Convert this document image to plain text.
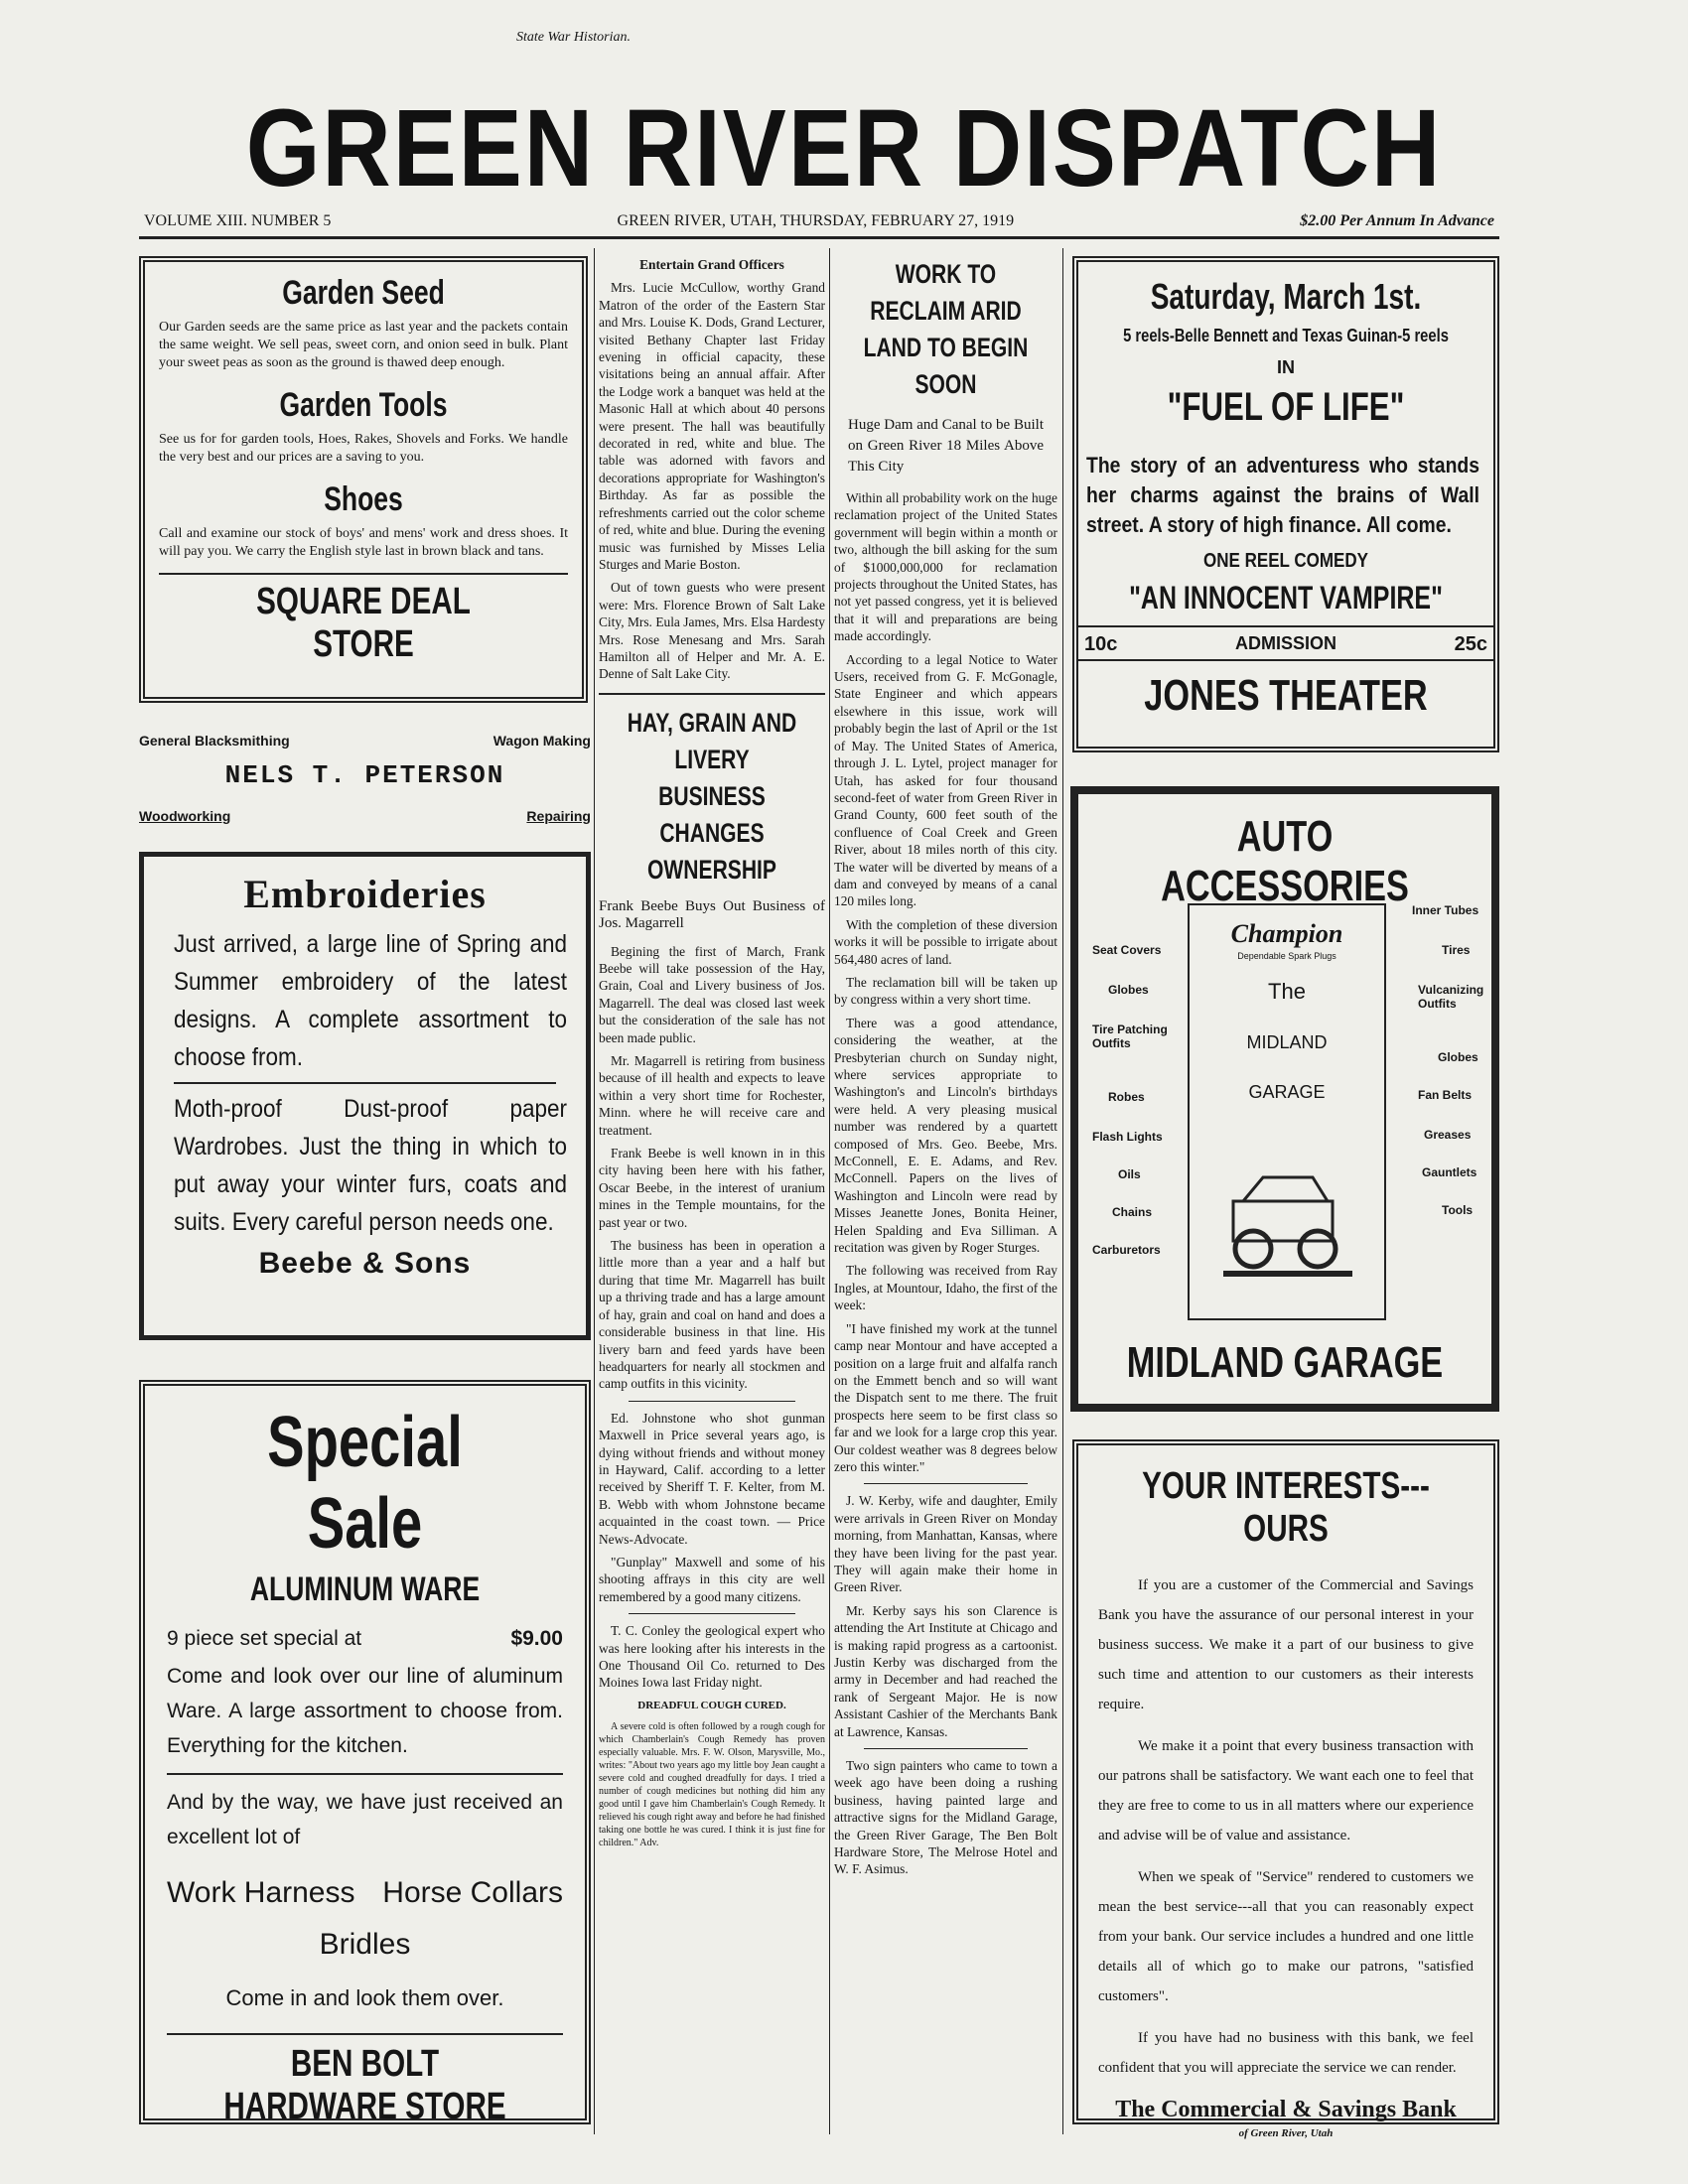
State War Historian.
GREEN RIVER DISPATCH
VOLUME XIII. NUMBER 5	GREEN RIVER, UTAH, THURSDAY, FEBRUARY 27, 1919	$2.00 Per Annum In Advance
Garden Seed

Our Garden seeds are the same price as last year and the packets contain the same weight. We sell peas, sweet corn, and onion seed in bulk. Plant your sweet peas as soon as the ground is thawed deep enough.

Garden Tools

See us for for garden tools, Hoes, Rakes, Shovels and Forks. We handle the very best and our prices are a saving to you.

Shoes

Call and examine our stock of boys' and mens' work and dress shoes. It will pay you. We carry the English style last in brown black and tans.

SQUARE DEAL STORE
General Blacksmithing	Wagon Making
NELS T. PETERSON
Woodworking	Repairing
Embroideries

Just arrived, a large line of Spring and Summer embroidery of the latest designs. A complete assortment to choose from.

Moth-proof Dust-proof paper Wardrobes. Just the thing in which to put away your winter furs, coats and suits. Every careful person needs one.

Beebe & Sons
Special Sale
ALUMINUM WARE
9 piece set special at	$9.00

Come and look over our line of aluminum Ware. A large assortment to choose from. Everything for the kitchen.

And by the way, we have just received an excellent lot of

Work Harness Horse Collars
Bridles
Come in and look them over.
BEN BOLT HARDWARE STORE

Entertain Grand Officers

Mrs. Lucie McCullow, worthy Grand Matron of the order of the Eastern Star and Mrs. Louise K. Dods, Grand Lecturer, visited Bethany Chapter last Friday evening in official capacity, these visitations being an annual affair. After the Lodge work a banquet was held at the Masonic Hall at which about 40 persons were present. The hall was beautifully decorated in red, white and blue. The table was adorned with favors and decorations appropriate for Washington's Birthday. As far as possible the refreshments carried out the color scheme of red, white and blue. During the evening music was furnished by Misses Lelia Sturges and Marie Boston.

Out of town guests who were present were: Mrs. Florence Brown of Salt Lake City, Mrs. Eula James, Mrs. Elsa Hardesty Mrs. Rose Menesang and Mrs. Sarah Hamilton all of Helper and Mr. A. E. Denne of Salt Lake City.

HAY, GRAIN AND LIVERY BUSINESS CHANGES OWNERSHIP

Frank Beebe Buys Out Business of Jos. Magarrell

Begining the first of March, Frank Beebe will take possession of the Hay, Grain, Coal and Livery business of Jos. Magarrell. The deal was closed last week but the consideration of the sale has not been made public.

Mr. Magarrell is retiring from business because of ill health and expects to leave within a very short time for Rochester, Minn. where he will receive care and treatment.

Frank Beebe is well known in in this city having been here with his father, Oscar Beebe, in the interest of uranium mines in the Temple mountains, for the past year or two.

The business has been in operation a little more than a year and a half but during that time Mr. Magarrell has built up a thriving trade and has a large amount of hay, grain and coal on hand and does a considerable business in that line. His livery barn and feed yards have been headquarters for nearly all stockmen and camp outfits in this vicinity.

Ed. Johnstone who shot gunman Maxwell in Price several years ago, is dying without friends and without money in Hayward, Calif. according to a letter received by Sheriff T. F. Kelter, from M. B. Webb with whom Johnstone became acquainted in the coast town. — Price News-Advocate.

"Gunplay" Maxwell and some of his shooting affrays in this city are well remembered by a good many citizens.

T. C. Conley the geological expert who was here looking after his interests in the One Thousand Oil Co. returned to Des Moines Iowa last Friday night.

DREADFUL COUGH CURED.

A severe cold is often followed by a rough cough for which Chamberlain's Cough Remedy has proven especially valuable. Mrs. F. W. Olson, Marysville, Mo., writes: "About two years ago my little boy Jean caught a severe cold and coughed dreadfully for days. I tried a number of cough medicines but nothing did him any good until I gave him Chamberlain's Cough Remedy. It relieved his cough right away and before he had finished taking one bottle he was cured. I think it is just fine for children." Adv.

WORK TO RECLAIM ARID LAND TO BEGIN SOON

Huge Dam and Canal to be Built on Green River 18 Miles Above This City

Within all probability work on the huge reclamation project of the United States government will begin within a month or two, although the bill asking for the sum of $1000,000,000 for reclamation projects throughout the United States, has not yet passed congress, yet it is believed that it will and preparations are being made accordingly.

According to a legal Notice to Water Users, received from G. F. McGonagle, State Engineer and which appears elsewhere in this issue, work will probably begin the last of April or the 1st of May. The United States of America, through J. L. Lytel, project manager for Utah, has asked for four thousand second-feet of water from Green River in Grand County, 600 feet south of the confluence of Coal Creek and Green River, about 18 miles north of this city. The water will be diverted by means of a dam and conveyed by means of a canal 120 miles long.

With the completion of these diversion works it will be possible to irrigate about 564,480 acres of land.

The reclamation bill will be taken up by congress within a very short time.

There was a good attendance, considering the weather, at the Presbyterian church on Sunday night, where services appropriate to Washington's and Lincoln's birthdays were held. A very pleasing musical number was rendered by a quartett composed of Mrs. Geo. Beebe, Mrs. McConnell, E. E. Adams, and Rev. McConnell. Papers on the lives of Washington and Lincoln were read by Misses Jeanette Jones, Bonita Heiner, Helen Spalding and Eva Silliman. A recitation was given by Roger Sturges.

The following was received from Ray Ingles, at Mountour, Idaho, the first of the week:

"I have finished my work at the tunnel camp near Montour and have accepted a position on a large fruit and alfalfa ranch on the Emmett bench and so will want the Dispatch sent to me there. The fruit prospects here seem to be first class so far and we look for a large crop this year. Our coldest weather was 8 degrees below zero this winter."

J. W. Kerby, wife and daughter, Emily were arrivals in Green River on Monday morning, from Manhattan, Kansas, where they have been living for the past year. They will again make their home in Green River.

Mr. Kerby says his son Clarence is attending the Art Institute at Chicago and is making rapid progress as a cartoonist. Justin Kerby was discharged from the army in December and had reached the rank of Sergeant Major. He is now Assistant Cashier of the Merchants Bank at Lawrence, Kansas.

Two sign painters who came to town a week ago have been doing a rushing business, having painted large and attractive signs for the Midland Garage, the Green River Garage, The Ben Bolt Hardware Store, The Melrose Hotel and W. F. Asimus.

Saturday, March 1st.
5 reels-Belle Bennett and Texas Guinan-5 reels
IN
"FUEL OF LIFE"
The story of an adventuress who stands her charms against the brains of Wall street. A story of high finance. All come.
ONE REEL COMEDY
"AN INNOCENT VAMPIRE"
10c	ADMISSION	25c
JONES THEATER
AUTO ACCESSORIES
Seat Covers
Globes
Tire Patching Outfits
Robes
Flash Lights
Oils
Chains
Carburetors
Champion
Dependable Spark Plugs
The
MIDLAND
GARAGE
Inner Tubes
Tires
Vulcanizing Outfits
Globes
Fan Belts
Greases
Gauntlets
Tools
MIDLAND GARAGE
YOUR INTERESTS---OURS

If you are a customer of the Commercial and Savings Bank you have the assurance of our personal interest in your business success. We make it a part of our business to give such time and attention to our customers as their interests require.

We make it a point that every business transaction with our patrons shall be satisfactory. We want each one to feel that they are free to come to us in all matters where our experience and advise will be of value and assistance.

When we speak of "Service" rendered to customers we mean the best service---all that you can reasonably expect from your bank. Our service includes a hundred and one little details all of which go to make our patrons, "satisfied customers".

If you have had no business with this bank, we feel confident that you will appreciate the service we can render.

The Commercial & Savings Bank
of Green River, Utah
